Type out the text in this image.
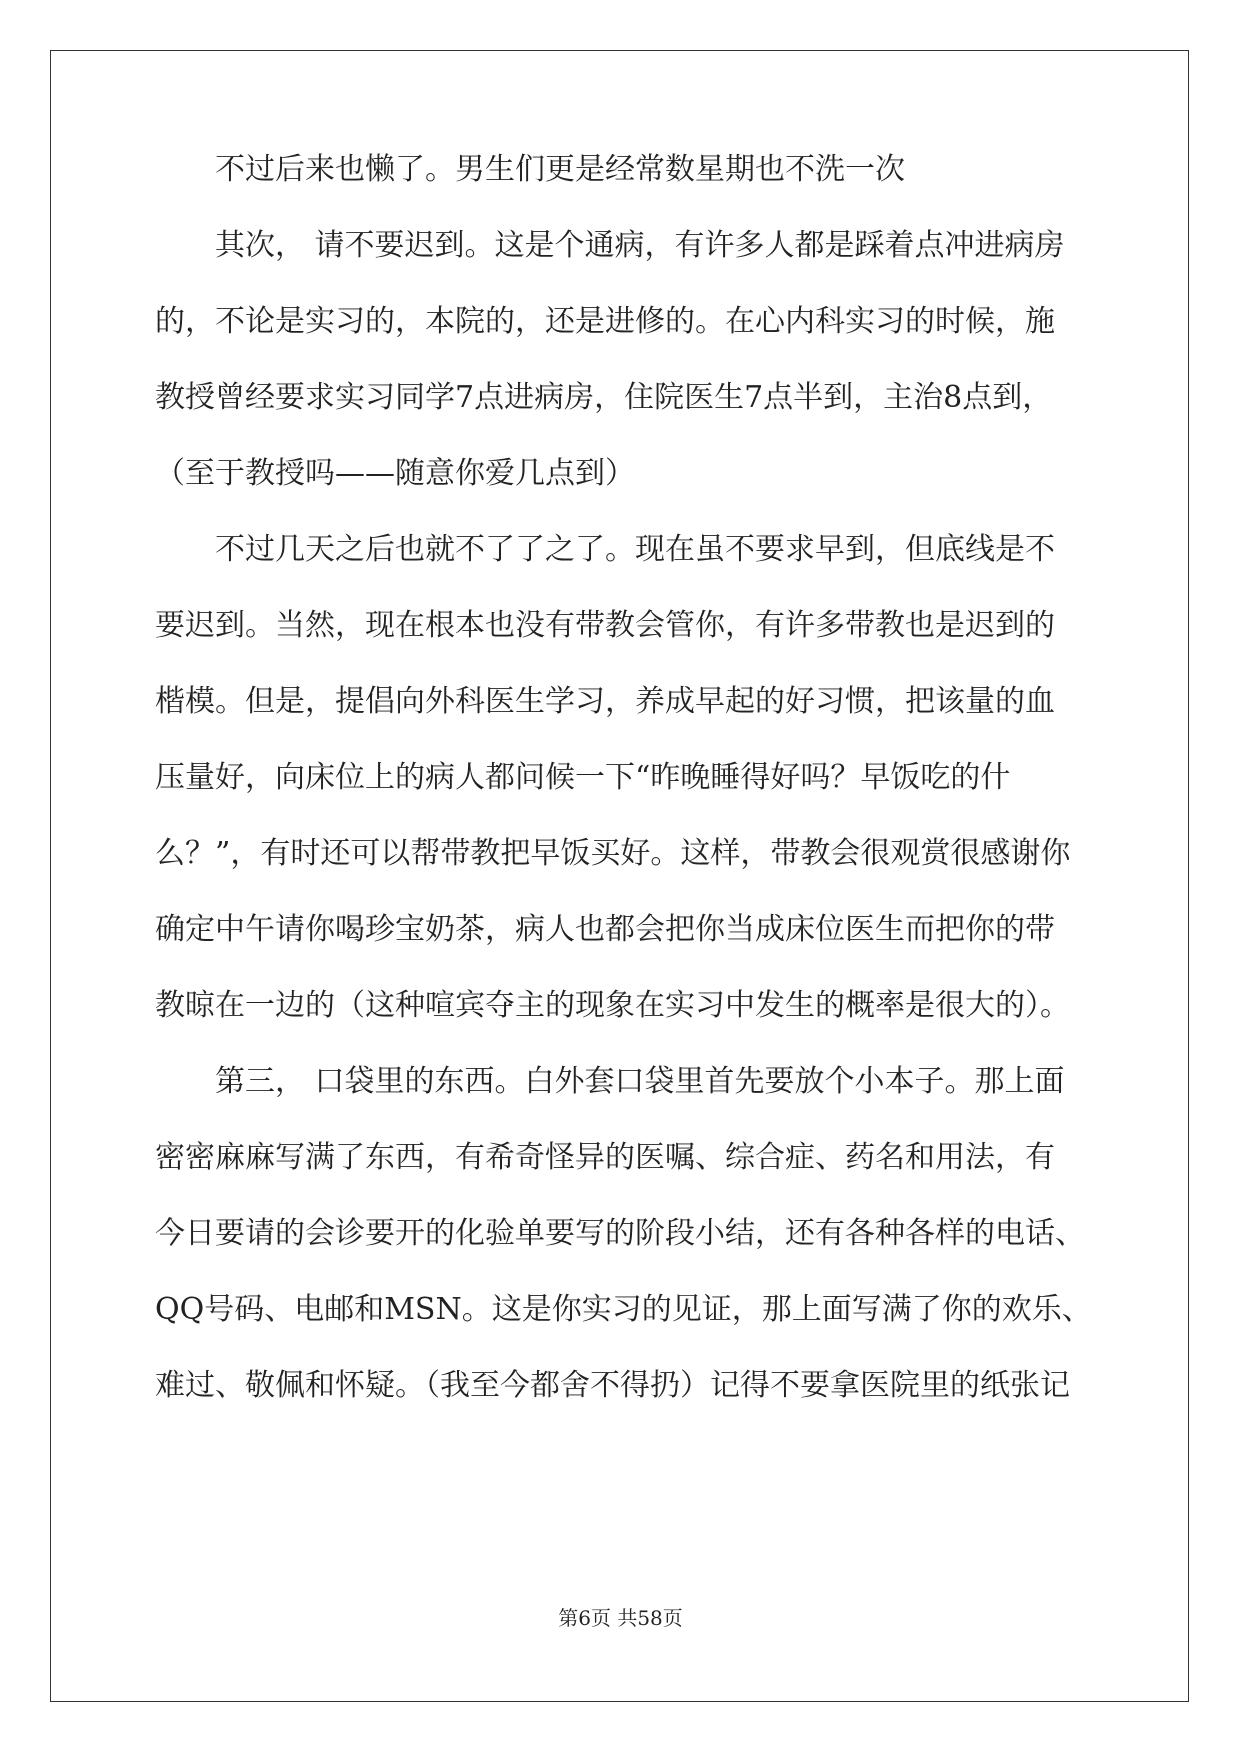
不过后来也懒了。男生们更是经常数星期也不洗一次
其次， 请不要迟到。这是个通病，有许多人都是踩着点冲进病房
的，不论是实习的，本院的，还是进修的。在心内科实习的时候，施
教授曾经要求实习同学7点进病房，住院医生7点半到，主治8点到，
（至于教授吗——随意你爱几点到）
不过几天之后也就不了了之了。现在虽不要求早到，但底线是不
要迟到。当然，现在根本也没有带教会管你，有许多带教也是迟到的
楷模。但是，提倡向外科医生学习，养成早起的好习惯，把该量的血
压量好，向床位上的病人都问候一下“昨晚睡得好吗？早饭吃的什
么？”，有时还可以帮带教把早饭买好。这样，带教会很观赏很感谢你
确定中午请你喝珍宝奶茶，病人也都会把你当成床位医生而把你的带
教晾在一边的（这种喧宾夺主的现象在实习中发生的概率是很大的）。
第三， 口袋里的东西。白外套口袋里首先要放个小本子。那上面
密密麻麻写满了东西，有希奇怪异的医嘱、综合症、药名和用法，有
今日要请的会诊要开的化验单要写的阶段小结，还有各种各样的电话、
QQ号码、电邮和MSN。这是你实习的见证，那上面写满了你的欢乐、
难过、敬佩和怀疑。（我至今都舍不得扔）记得不要拿医院里的纸张记
第6页 共58页
